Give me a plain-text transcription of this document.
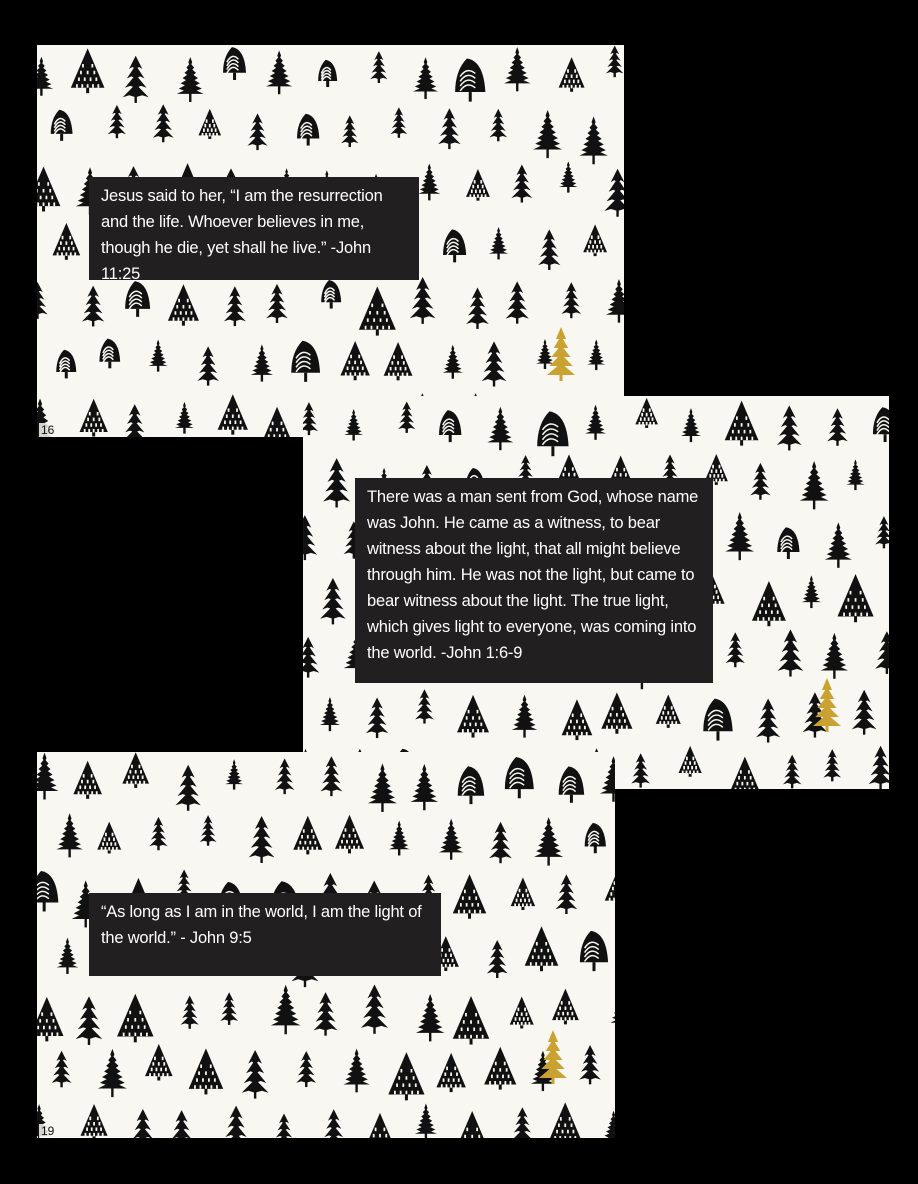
Jesus said to her, “I am the resurrection and the life. Whoever believes in me, though he die, yet shall he live.” -John 11:25
16
There was a man sent from God, whose name was John. He came as a witness, to bear witness about the light, that all might believe through him. He was not the light, but came to bear witness about the light. The true light, which gives light to everyone, was coming into the world. -John 1:6-9
“As long as I am in the world, I am the light of the world.” - John 9:5
19
